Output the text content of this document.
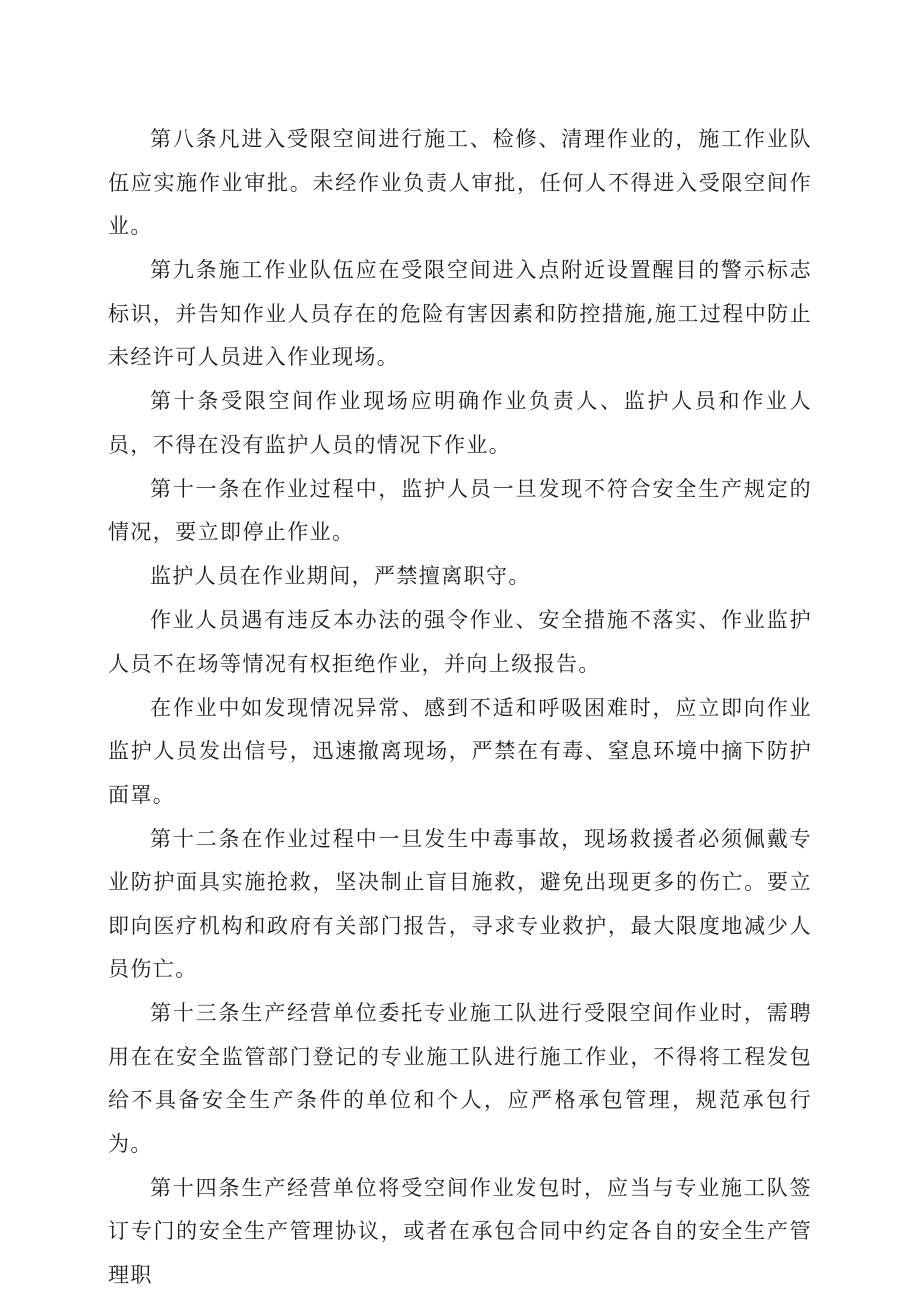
第八条凡进入受限空间进行施工、检修、清理作业的，施工作业队伍应实施作业审批。未经作业负责人审批，任何人不得进入受限空间作业。

第九条施工作业队伍应在受限空间进入点附近设置醒目的警示标志标识，并告知作业人员存在的危险有害因素和防控措施,施工过程中防止未经许可人员进入作业现场。

第十条受限空间作业现场应明确作业负责人、监护人员和作业人员，不得在没有监护人员的情况下作业。

第十一条在作业过程中，监护人员一旦发现不符合安全生产规定的情况，要立即停止作业。

监护人员在作业期间，严禁擅离职守。

作业人员遇有违反本办法的强令作业、安全措施不落实、作业监护人员不在场等情况有权拒绝作业，并向上级报告。

在作业中如发现情况异常、感到不适和呼吸困难时，应立即向作业监护人员发出信号，迅速撤离现场，严禁在有毒、窒息环境中摘下防护面罩。

第十二条在作业过程中一旦发生中毒事故，现场救援者必须佩戴专业防护面具实施抢救，坚决制止盲目施救，避免出现更多的伤亡。要立即向医疗机构和政府有关部门报告，寻求专业救护，最大限度地减少人员伤亡。

第十三条生产经营单位委托专业施工队进行受限空间作业时，需聘用在在安全监管部门登记的专业施工队进行施工作业，不得将工程发包给不具备安全生产条件的单位和个人，应严格承包管理，规范承包行为。

第十四条生产经营单位将受空间作业发包时，应当与专业施工队签订专门的安全生产管理协议，或者在承包合同中约定各自的安全生产管理职
